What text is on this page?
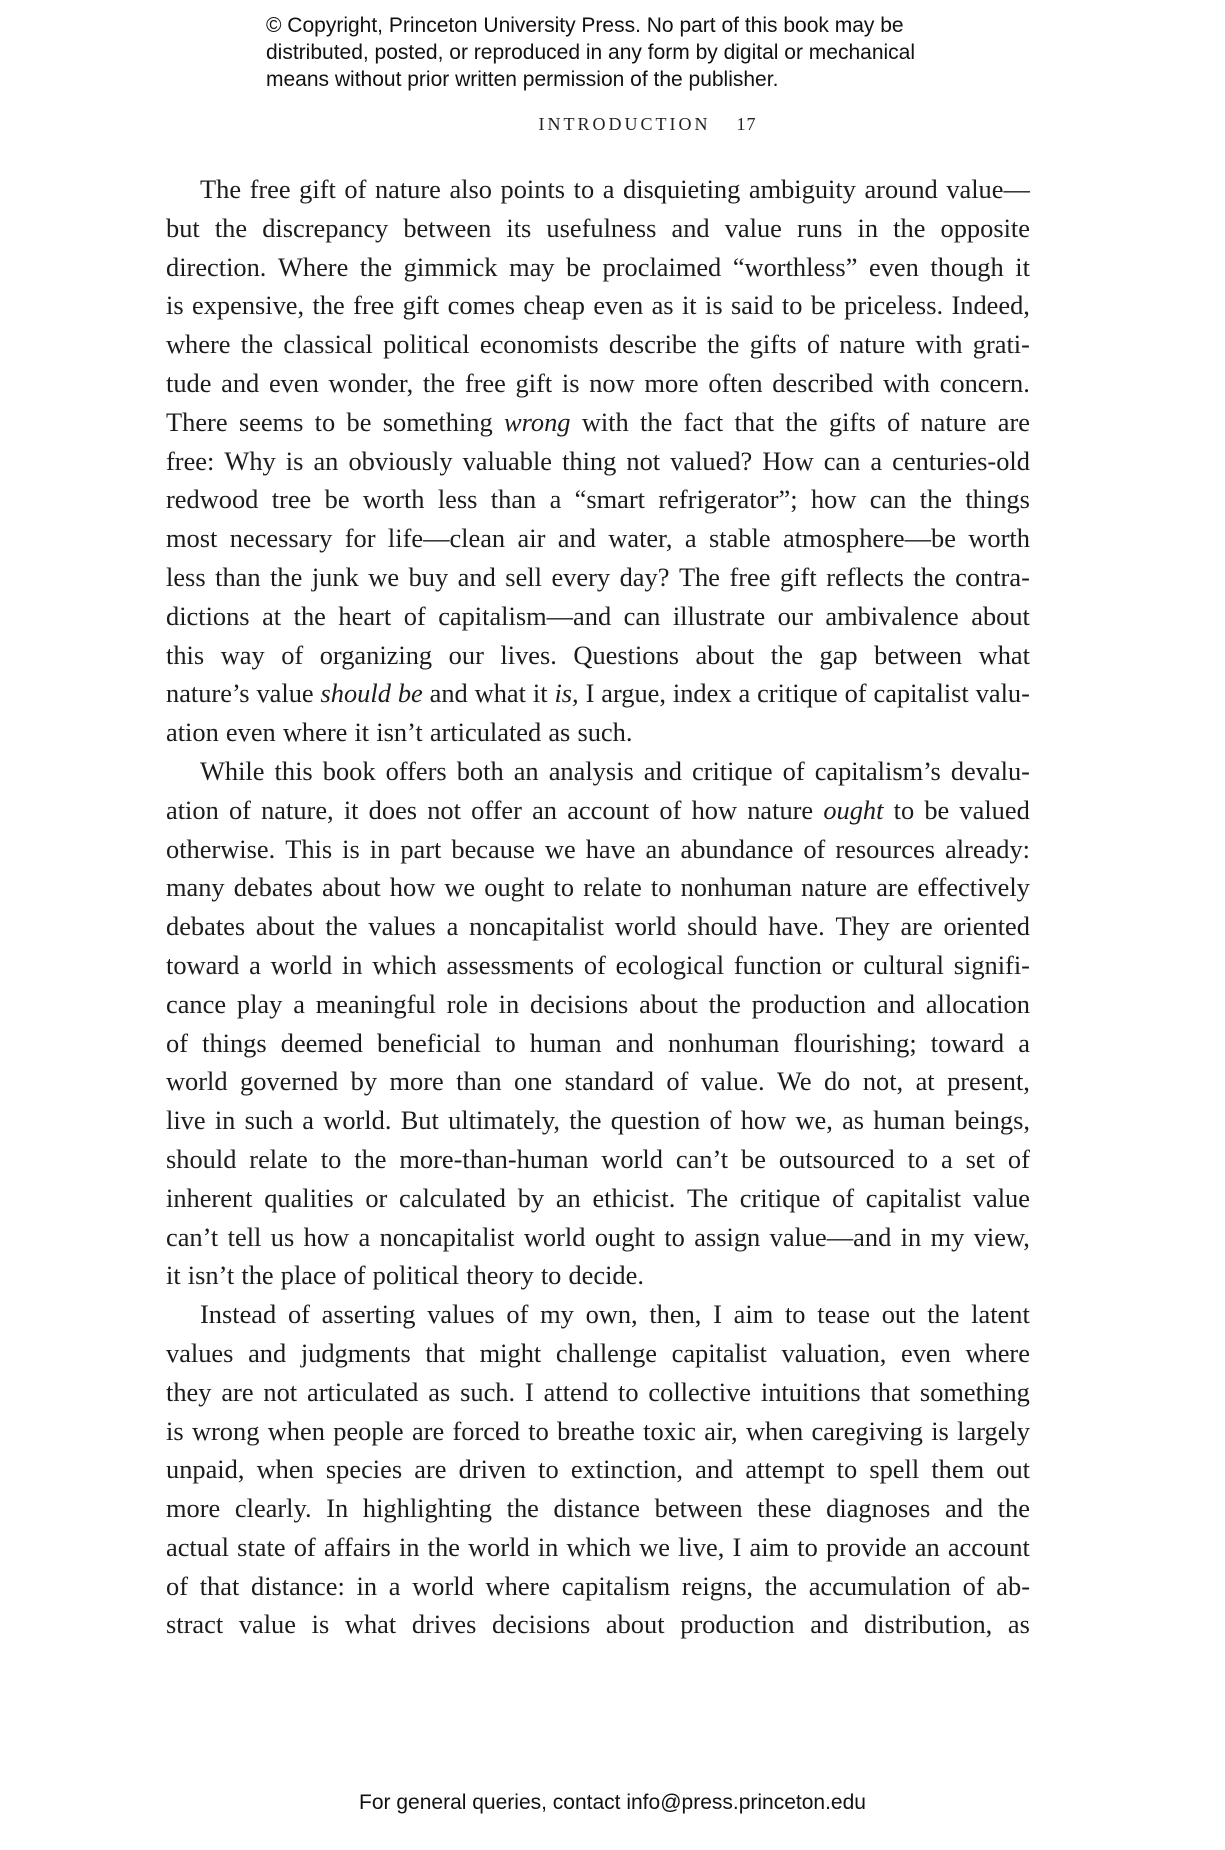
© Copyright, Princeton University Press. No part of this book may be
distributed, posted, or reproduced in any form by digital or mechanical
means without prior written permission of the publisher.
INTRODUCTION 17
The free gift of nature also points to a disquieting ambiguity around value—
but the discrepancy between its usefulness and value runs in the opposite
direction. Where the gimmick may be proclaimed “worthless” even though it
is expensive, the free gift comes cheap even as it is said to be priceless. Indeed,
where the classical political economists describe the gifts of nature with grati-
tude and even wonder, the free gift is now more often described with concern.
There seems to be something wrong with the fact that the gifts of nature are
free: Why is an obviously valuable thing not valued? How can a centuries-old
redwood tree be worth less than a “smart refrigerator”; how can the things
most necessary for life—clean air and water, a stable atmosphere—be worth
less than the junk we buy and sell every day? The free gift reflects the contra-
dictions at the heart of capitalism—and can illustrate our ambivalence about
this way of organizing our lives. Questions about the gap between what
nature’s value should be and what it is, I argue, index a critique of capitalist valu-
ation even where it isn’t articulated as such.
While this book offers both an analysis and critique of capitalism’s devalu-
ation of nature, it does not offer an account of how nature ought to be valued
otherwise. This is in part because we have an abundance of resources already:
many debates about how we ought to relate to nonhuman nature are effectively
debates about the values a noncapitalist world should have. They are oriented
toward a world in which assessments of ecological function or cultural signifi-
cance play a meaningful role in decisions about the production and allocation
of things deemed beneficial to human and nonhuman flourishing; toward a
world governed by more than one standard of value. We do not, at present,
live in such a world. But ultimately, the question of how we, as human beings,
should relate to the more-than-human world can’t be outsourced to a set of
inherent qualities or calculated by an ethicist. The critique of capitalist value
can’t tell us how a noncapitalist world ought to assign value—and in my view,
it isn’t the place of political theory to decide.
Instead of asserting values of my own, then, I aim to tease out the latent
values and judgments that might challenge capitalist valuation, even where
they are not articulated as such. I attend to collective intuitions that something
is wrong when people are forced to breathe toxic air, when caregiving is largely
unpaid, when species are driven to extinction, and attempt to spell them out
more clearly. In highlighting the distance between these diagnoses and the
actual state of affairs in the world in which we live, I aim to provide an account
of that distance: in a world where capitalism reigns, the accumulation of ab-
stract value is what drives decisions about production and distribution, as
For general queries, contact info@press.princeton.edu
